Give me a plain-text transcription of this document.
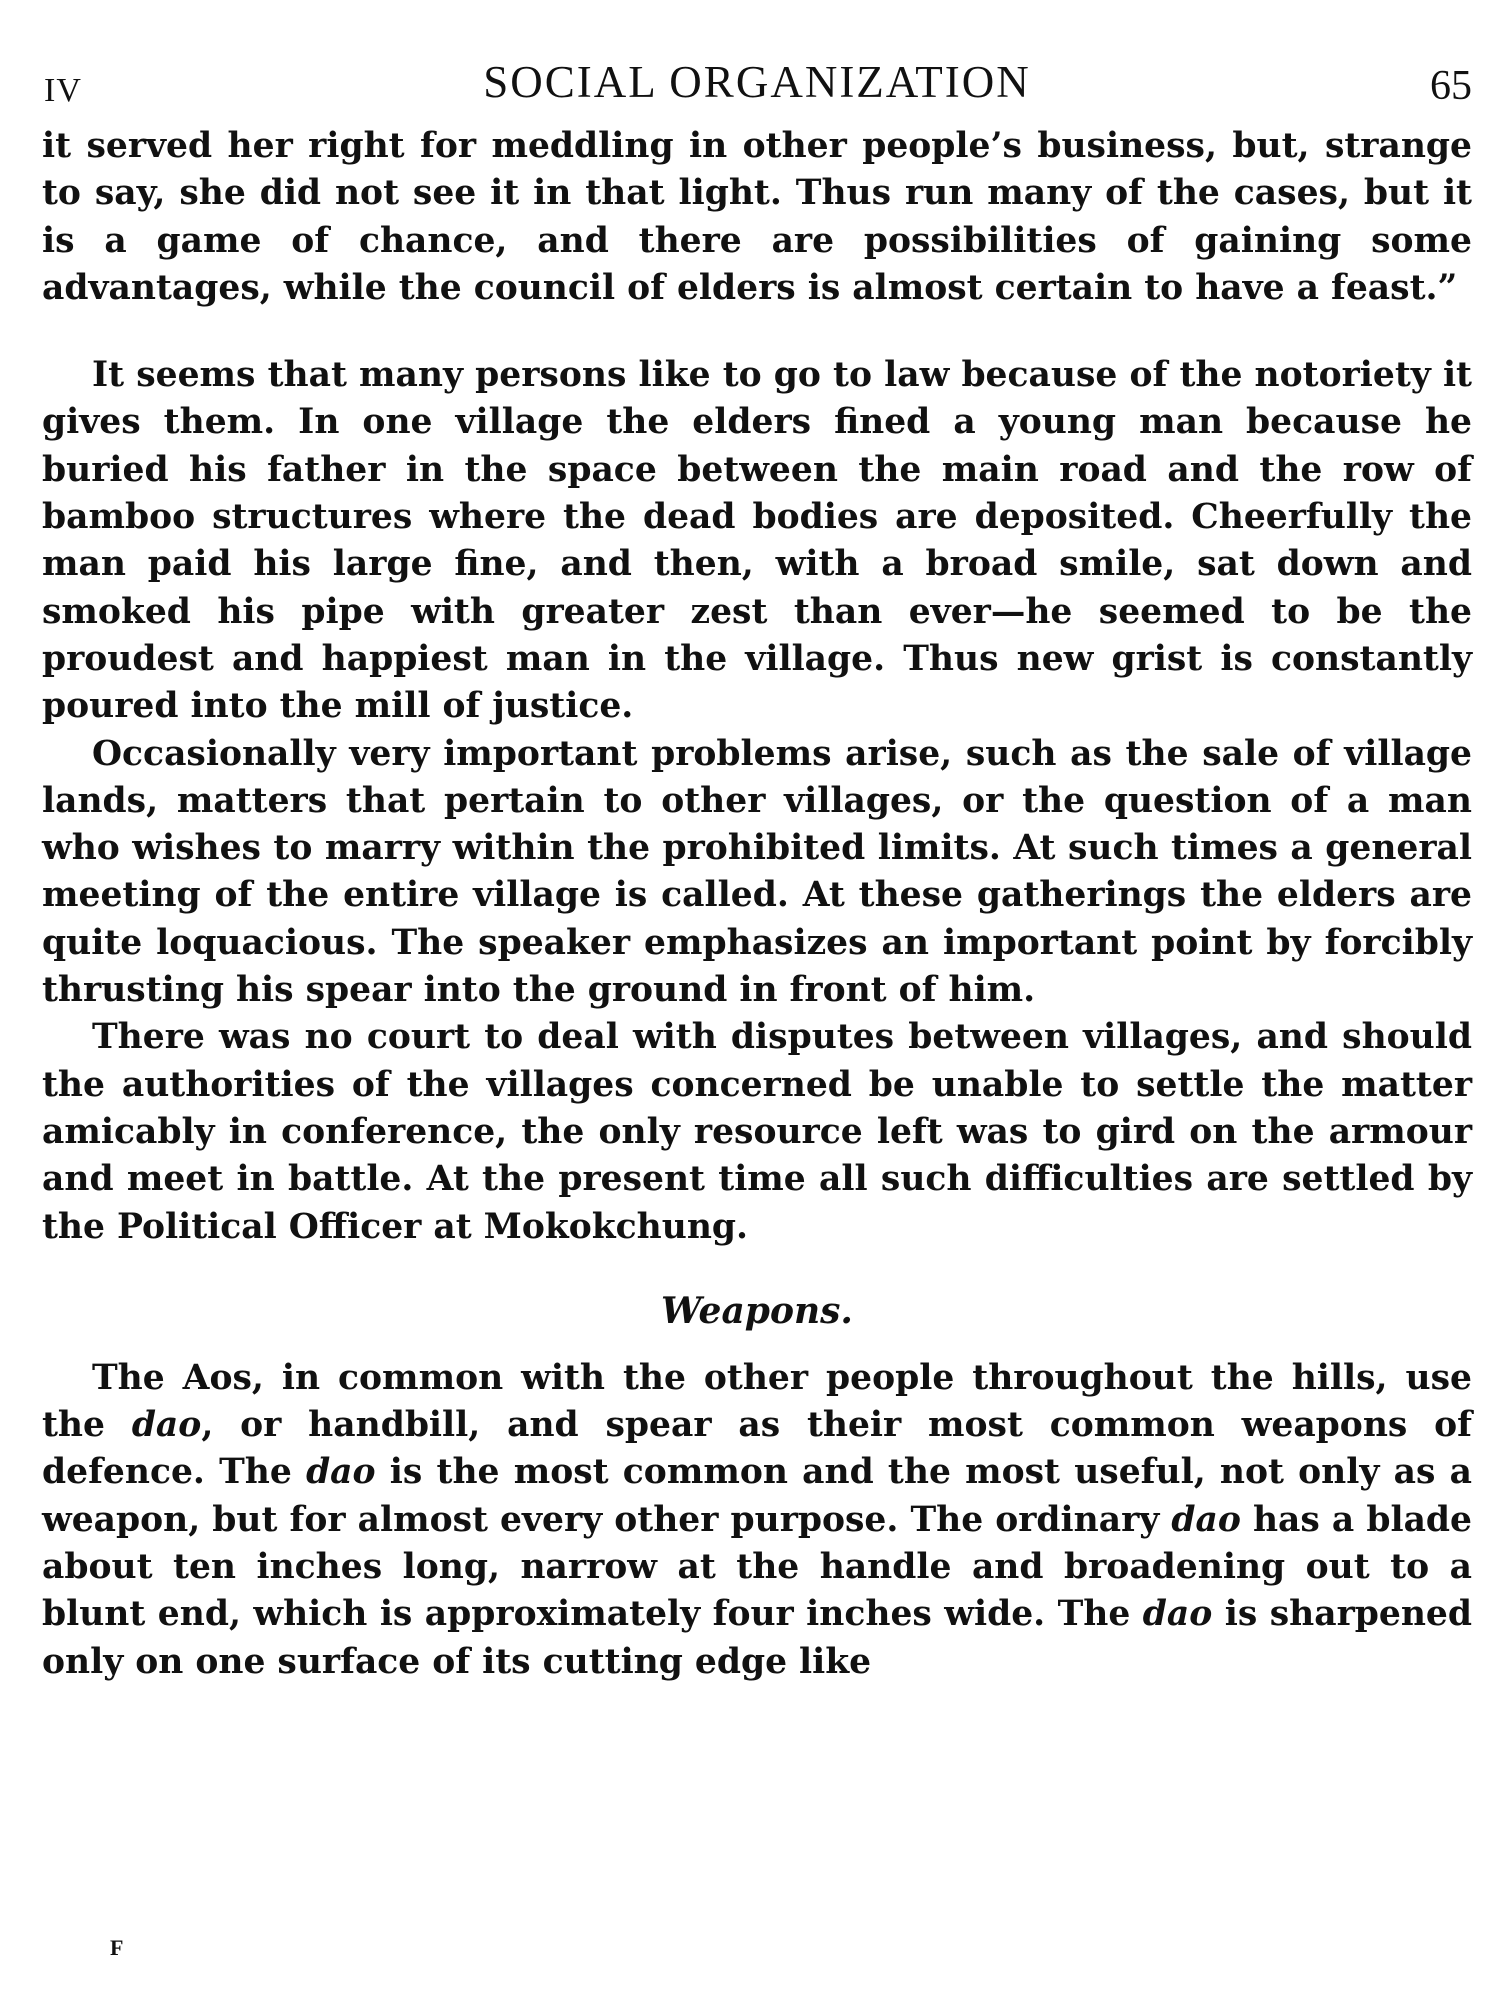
IV	SOCIAL ORGANIZATION	65

it served her right for meddling in other people’s business, but, strange to say, she did not see it in that light. Thus run many of the cases, but it is a game of chance, and there are possibilities of gaining some advantages, while the council of elders is almost certain to have a feast.”

It seems that many persons like to go to law because of the notoriety it gives them. In one village the elders fined a young man because he buried his father in the space between the main road and the row of bamboo structures where the dead bodies are deposited. Cheerfully the man paid his large fine, and then, with a broad smile, sat down and smoked his pipe with greater zest than ever—he seemed to be the proudest and happiest man in the village. Thus new grist is constantly poured into the mill of justice.

Occasionally very important problems arise, such as the sale of village lands, matters that pertain to other villages, or the question of a man who wishes to marry within the prohibited limits. At such times a general meeting of the entire village is called. At these gatherings the elders are quite loquacious. The speaker emphasizes an important point by forcibly thrusting his spear into the ground in front of him.

There was no court to deal with disputes between villages, and should the authorities of the villages concerned be unable to settle the matter amicably in conference, the only resource left was to gird on the armour and meet in battle. At the present time all such difficulties are settled by the Political Officer at Mokokchung.

Weapons.

The Aos, in common with the other people throughout the hills, use the dao, or handbill, and spear as their most common weapons of defence. The dao is the most common and the most useful, not only as a weapon, but for almost every other purpose. The ordinary dao has a blade about ten inches long, narrow at the handle and broadening out to a blunt end, which is approximately four inches wide. The dao is sharpened only on one surface of its cutting edge like

F
